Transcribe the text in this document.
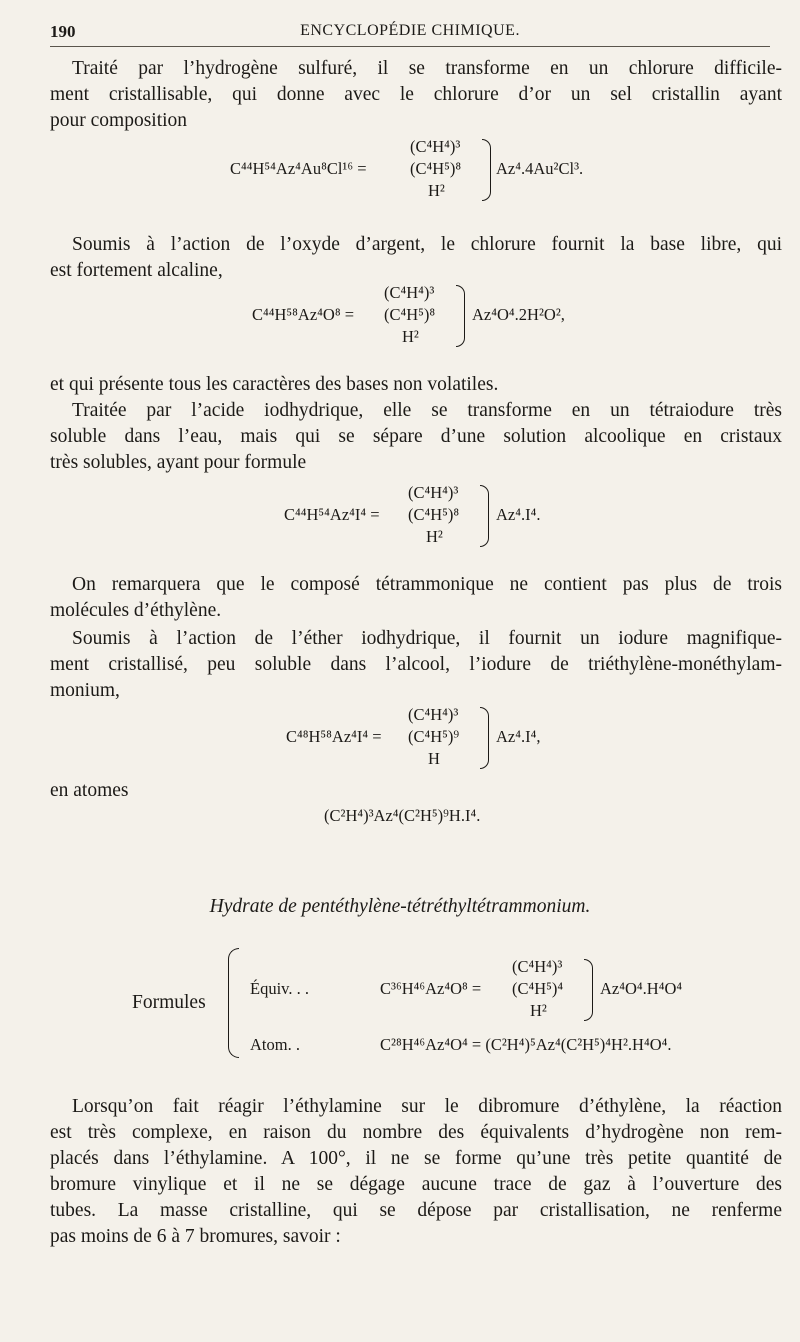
190	ENCYCLOPÉDIE CHIMIQUE.
Traité par l’hydrogène sulfuré, il se transforme en un chlorure difficile-
ment cristallisable, qui donne avec le chlorure d’or un sel cristallin ayant
pour composition
C⁴⁴H⁵⁴Az⁴Au⁸Cl¹⁶ =
(C⁴H⁴)³
(C⁴H⁵)⁸
H²
Az⁴.4Au²Cl³.
Soumis à l’action de l’oxyde d’argent, le chlorure fournit la base libre, qui
est fortement alcaline,
C⁴⁴H⁵⁸Az⁴O⁸ =
(C⁴H⁴)³
(C⁴H⁵)⁸
H²
Az⁴O⁴.2H²O²,
et qui présente tous les caractères des bases non volatiles.
Traitée par l’acide iodhydrique, elle se transforme en un tétraiodure très
soluble dans l’eau, mais qui se sépare d’une solution alcoolique en cristaux
très solubles, ayant pour formule
C⁴⁴H⁵⁴Az⁴I⁴ =
(C⁴H⁴)³
(C⁴H⁵)⁸
H²
Az⁴.I⁴.
On remarquera que le composé tétrammonique ne contient pas plus de trois
molécules d’éthylène.
Soumis à l’action de l’éther iodhydrique, il fournit un iodure magnifique-
ment cristallisé, peu soluble dans l’alcool, l’iodure de triéthylène-monéthylam-
monium,
C⁴⁸H⁵⁸Az⁴I⁴ =
(C⁴H⁴)³
(C⁴H⁵)⁹
H
Az⁴.I⁴,
en atomes
(C²H⁴)³Az⁴(C²H⁵)⁹H.I⁴.
Hydrate de pentéthylène-tétréthyltétrammonium.
Formules
Équiv. . .	C³⁶H⁴⁶Az⁴O⁸ =
(C⁴H⁴)³
(C⁴H⁵)⁴
H²
Az⁴O⁴.H⁴O⁴
Atom. .	C²⁸H⁴⁶Az⁴O⁴ = (C²H⁴)⁵Az⁴(C²H⁵)⁴H².H⁴O⁴.
Lorsqu’on fait réagir l’éthylamine sur le dibromure d’éthylène, la réaction
est très complexe, en raison du nombre des équivalents d’hydrogène non rem-
placés dans l’éthylamine. A 100°, il ne se forme qu’une très petite quantité de
bromure vinylique et il ne se dégage aucune trace de gaz à l’ouverture des
tubes. La masse cristalline, qui se dépose par cristallisation, ne renferme
pas moins de 6 à 7 bromures, savoir :
